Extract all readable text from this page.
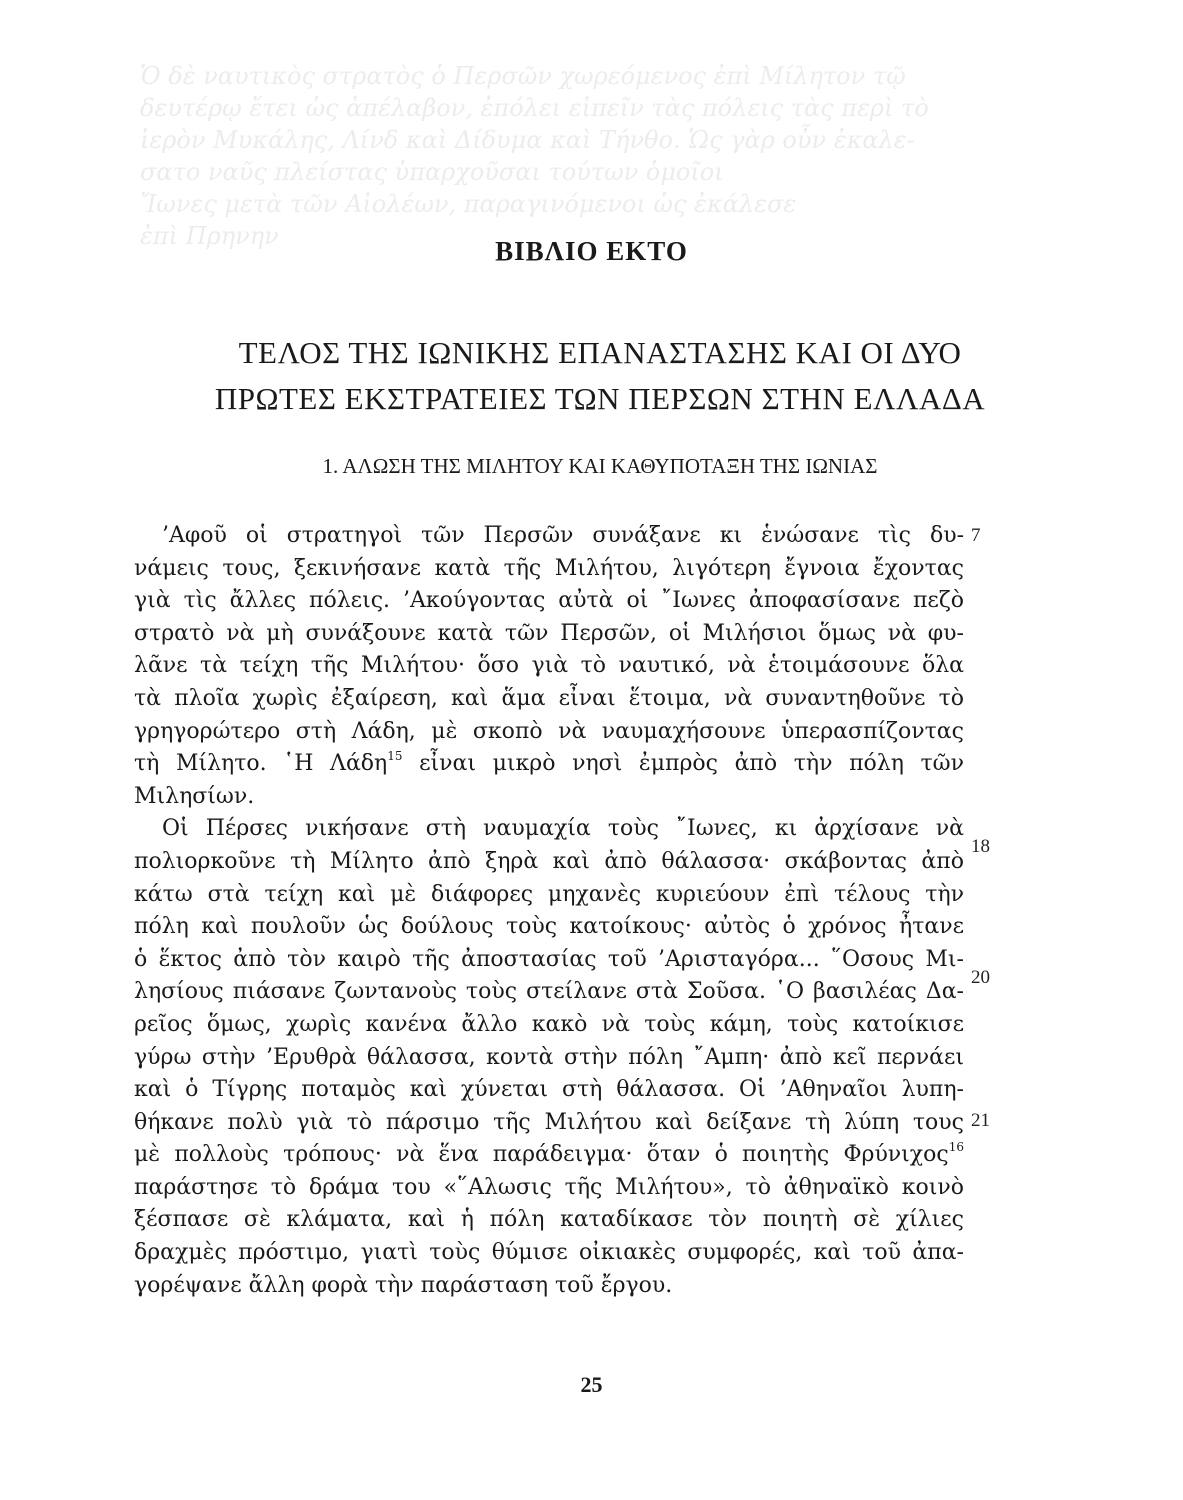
Ὁ δὲ ναυτικὸς στρατὸς ὁ Περσῶν χωρεόμενος ἐπὶ Μίλητον τῷ
δευτέρῳ ἔτει ὡς ἀπέλαβον, ἐπόλει εἰπεῖν τὰς πόλεις τὰς περὶ τὸ
ἱερὸν Μυκάλης, Λίνδ καὶ Δίδυμα καὶ Τήνθο. Ὡς γὰρ οὖν ἐκαλε-
σατο ναῦς πλείστας ὑπαρχοῦσαι τούτων ὁμοῖοι
Ἴωνες μετὰ τῶν Αἰολέων, παραγινόμενοι ὡς ἐκάλεσε
ἐπὶ Πρηνην	ΒΙΒΛΙΟ ΕΚΤΟ
ΤΕΛΟΣ ΤΗΣ ΙΩΝΙΚΗΣ ΕΠΑΝΑΣΤΑΣΗΣ ΚΑΙ ΟΙ ΔΥΟ
ΠΡΩΤΕΣ ΕΚΣΤΡΑΤΕΙΕΣ ΤΩΝ ΠΕΡΣΩΝ ΣΤΗΝ ΕΛΛΑΔΑ
1. ΑΛΩΣΗ ΤΗΣ ΜΙΛΗΤΟΥ ΚΑΙ ΚΑΘΥΠΟΤΑΞΗ ΤΗΣ ΙΩΝΙΑΣ
’Αφοῦ οἱ στρατηγοὶ τῶν Περσῶν συνάξανε κι ἑνώσανε τὶς δυ-
νάμεις τους, ξεκινήσανε κατὰ τῆς Μιλήτου, λιγότερη ἔγνοια ἔχοντας
γιὰ τὶς ἄλλες πόλεις. ’Ακούγοντας αὐτὰ οἱ ῎Ιωνες ἀποφασίσανε πεζὸ
στρατὸ νὰ μὴ συνάξουνε κατὰ τῶν Περσῶν, οἱ Μιλήσιοι ὅμως νὰ φυ-
λᾶνε τὰ τείχη τῆς Μιλήτου· ὅσο γιὰ τὸ ναυτικό, νὰ ἑτοιμάσουνε ὅλα
τὰ πλοῖα χωρὶς ἐξαίρεση, καὶ ἅμα εἶναι ἕτοιμα, νὰ συναντηθοῦνε τὸ
γρηγορώτερο στὴ Λάδη, μὲ σκοπὸ νὰ ναυμαχήσουνε ὑπερασπίζοντας
τὴ Μίλητο. ῾Η Λάδη$^{15}$ εἶναι μικρὸ νησὶ ἐμπρὸς ἀπὸ τὴν πόλη τῶν
Μιλησίων.
Οἱ Πέρσες νικήσανε στὴ ναυμαχία τοὺς ῎Ιωνες, κι ἀρχίσανε νὰ
πολιορκοῦνε τὴ Μίλητο ἀπὸ ξηρὰ καὶ ἀπὸ θάλασσα· σκάβοντας ἀπὸ
κάτω στὰ τείχη καὶ μὲ διάφορες μηχανὲς κυριεύουν ἐπὶ τέλους τὴν
πόλη καὶ πουλοῦν ὡς δούλους τοὺς κατοίκους· αὐτὸς ὁ χρόνος ἦτανε
ὁ ἕκτος ἀπὸ τὸν καιρὸ τῆς ἀποστασίας τοῦ ’Αρισταγόρα... ῞Οσους Μι-
λησίους πιάσανε ζωντανοὺς τοὺς στείλανε στὰ Σοῦσα. ῾Ο βασιλέας Δα-
ρεῖος ὅμως, χωρὶς κανένα ἄλλο κακὸ νὰ τοὺς κάμη, τοὺς κατοίκισε
γύρω στὴν ’Ερυθρὰ θάλασσα, κοντὰ στὴν πόλη ῎Αμπη· ἀπὸ κεῖ περνάει
καὶ ὁ Τίγρης ποταμὸς καὶ χύνεται στὴ θάλασσα. Οἱ ’Αθηναῖοι λυπη-
θήκανε πολὺ γιὰ τὸ πάρσιμο τῆς Μιλήτου καὶ δείξανε τὴ λύπη τους
μὲ πολλοὺς τρόπους· νὰ ἕνα παράδειγμα· ὅταν ὁ ποιητὴς Φρύνιχος$^{16}$
παράστησε τὸ δράμα του «῞Αλωσις τῆς Μιλήτου», τὸ ἀθηναϊκὸ κοινὸ
ξέσπασε σὲ κλάματα, καὶ ἡ πόλη καταδίκασε τὸν ποιητὴ σὲ χίλιες
δραχμὲς πρόστιμο, γιατὶ τοὺς θύμισε οἰκιακὲς συμφορές, καὶ τοῦ ἀπα-
γορέψανε ἄλλη φορὰ τὴν παράσταση τοῦ ἔργου.
7
18
20
21
25
